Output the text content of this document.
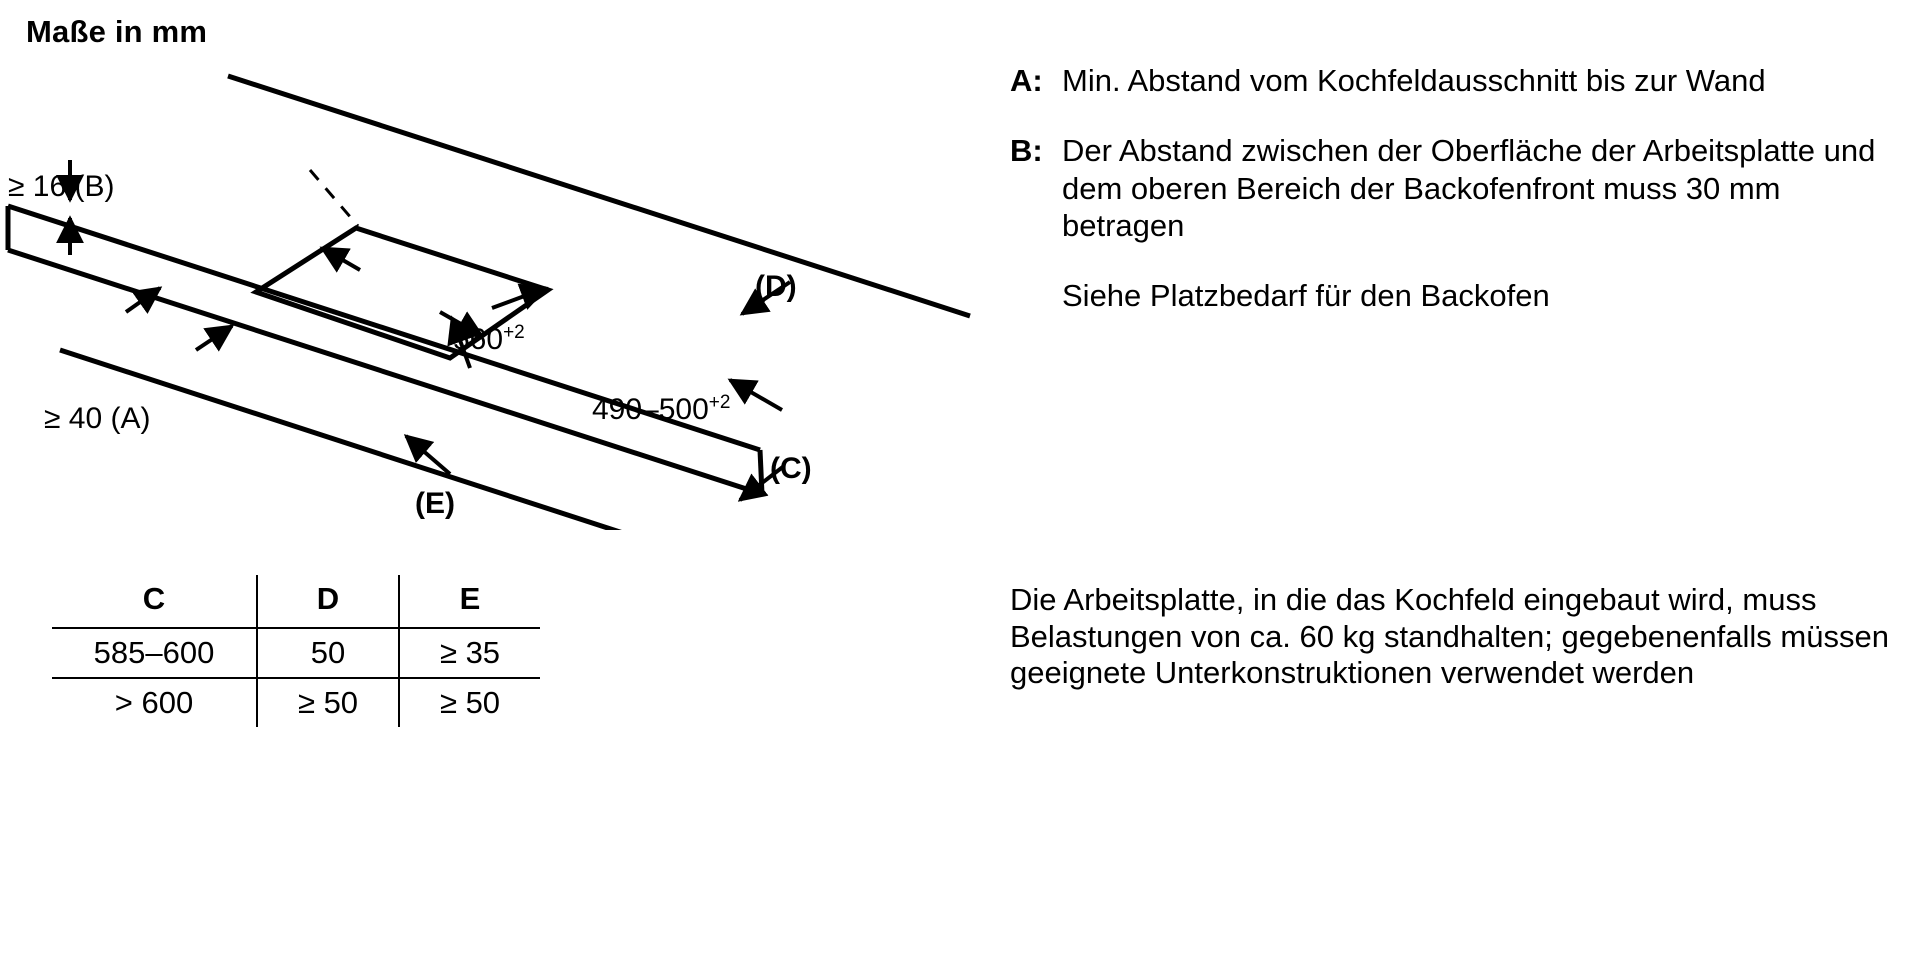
Maße in mm
≥ 16 (B)
≥ 40 (A)
$560^{+2}$
$490-500^{+2}$
(D)
(C)
(E)
C	D	E
585–600	50	≥ 35
> 600	≥ 50	≥ 50
A: Min. Abstand vom Kochfeldausschnitt bis zur Wand
B: Der Abstand zwischen der Oberfläche der Arbeitsplatte und dem oberen Bereich der Backofenfront muss 30 mm betragen
Siehe Platzbedarf für den Backofen
Die Arbeitsplatte, in die das Kochfeld eingebaut wird, muss Belastungen von ca. 60 kg standhalten; gegebenenfalls müssen geeignete Unterkonstruktionen verwendet werden
